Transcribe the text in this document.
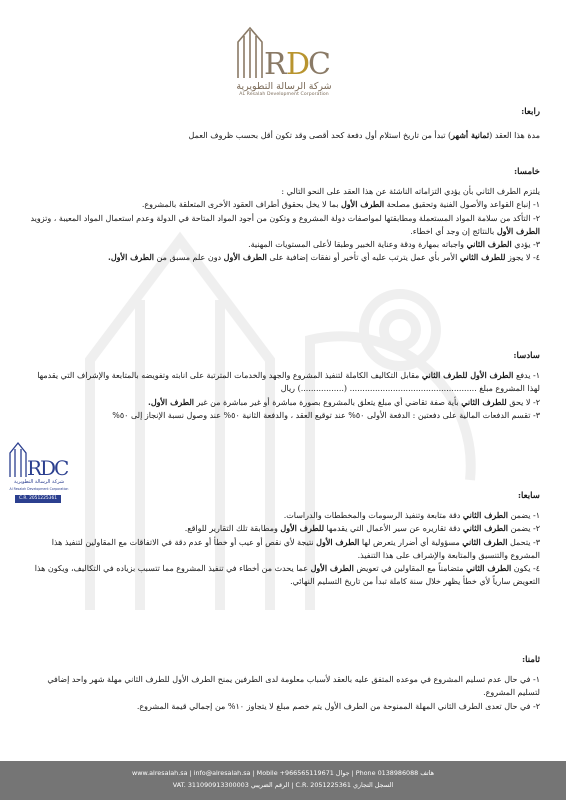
R D
C
شركة الرسالة التطويرية
AL Resalah Development Corporation
R
D
C
شركة الرسالة التطويرية
Al Resalah Development Corporation
C.R. 2051225361

رابعا:

مدة هذا العقد (ثمانية أشهر) تبدأ من تاريخ استلام أول دفعة كحد أقصى وقد تكون أقل بحسب ظروف العمل

خامسا:

يلتزم الطرف الثاني بأن يؤدي التزاماته الناشئة عن هذا العقد على النحو التالي :

١- إنباع القواعد والأصول الفنية وتحقيق مصلحة الطرف الأول بما لا يخل بحقوق أطراف العقود الأخرى المتعلقة بالمشروع.

٢- التأكد من سلامة المواد المستعملة ومطابقتها لمواصفات دولة المشروع و وتكون من أجود المواد المتاحة في الدولة وعدم استعمال المواد المعيبة ، وتزويد الطرف الأول بالنتائج إن وجد أي اخطاء.

٣- يؤدي الطرف الثاني واجباته بمهارة ودقة وعناية الخبير وطبقا لأعلى المستويات المهنية.

٤- لا يجوز للطرف الثاني الأمر بأي عمل يترتب عليه أي تأخير أو نفقات إضافية على الطرف الأول دون علم مسبق من الطرف الأول.

سادسا:

١- يدفع الطرف الأول للطرف الثاني مقابل التكاليف الكاملة لتنفيذ المشروع والجهد والخدمات المترتبة على انابته وتفويضه بالمتابعة والإشراف التي يقدمها لهذا المشروع مبلغ .................................................. (.................) ريال

٢- لا يحق للطرف الثاني بأية صفة تقاضي أي مبلغ يتعلق بالمشروع بصورة مباشرة أو غير مباشرة من غير الطرف الأول.

٣- تقسم الدفعات المالية على دفعتين : الدفعة الأولى ٥٠% عند توقيع العقد ، والدفعة الثانية ٥٠% عند وصول نسبة الإنجاز إلى ٥٠%

سابعا:

١- يضمن الطرف الثاني دقة متابعة وتنفيذ الرسومات والمخططات والدراسات.

٢- يضمن الطرف الثاني دقة تقاريره عن سير الأعمال التي يقدمها للطرف الأول ومطابقة تلك التقارير للواقع.

٣- يتحمل الطرف الثاني مسؤولية أي أضرار يتعرض لها الطرف الأول نتيجة لأي نقص أو عيب أو خطأ أو عدم دقة في الاتفاقات مع المقاولين لتنفيذ هذا المشروع والتنسيق والمتابعة والإشراف على هذا التنفيذ.

٤- يكون الطرف الثاني متضامناً مع المقاولين في تعويض الطرف الأول عما يحدث من أخطاء في تنفيذ المشروع مما تتسبب بزياده في التكاليف، ويكون هذا التعويض سارياً لأي خطأ يظهر خلال سنة كاملة تبدأ من تاريخ التسليم النهائي.

ثامنا:

١- في حال عدم تسليم المشروع في موعده المتفق عليه بالعقد لأسباب معلومة لدى الطرفين يمنح الطرف الأول للطرف الثاني مهلة شهر واحد إضافي لتسليم المشروع.

٢- في حال تعدى الطرف الثاني المهلة الممنوحة من الطرف الأول يتم خصم مبلغ لا يتجاوز ١٠% من إجمالي قيمة المشروع.

www.alresalah.sa | info@alresalah.sa | Mobile +966565119671 جوال | Phone 0138986088 هاتف
VAT. 311090913300003 الرقم الضريبي | C.R. 2051225361 السجل التجاري
